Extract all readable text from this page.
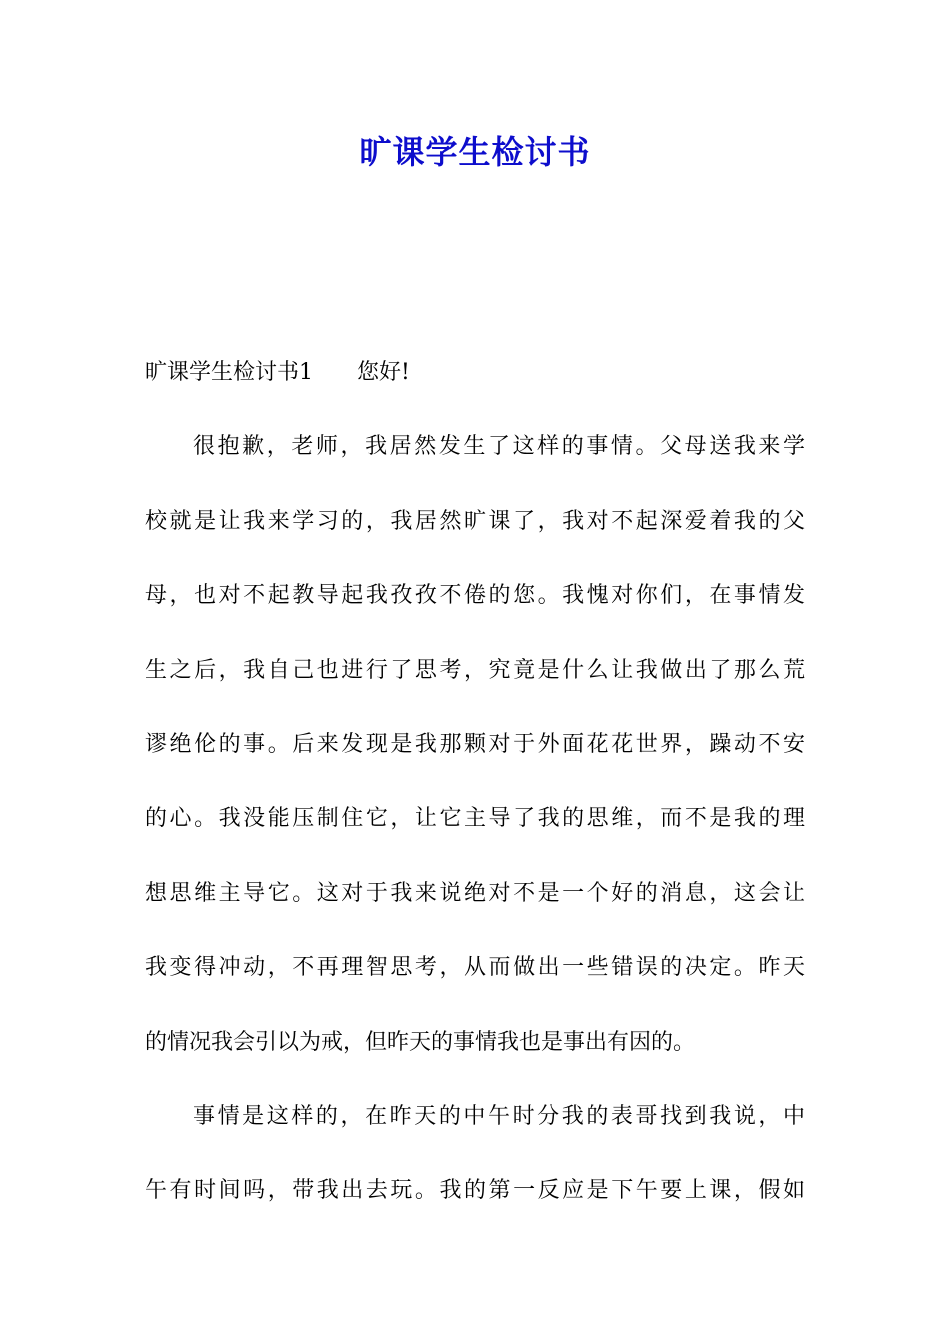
旷课学生检讨书
旷课学生检讨书1 您好!
很抱歉，老师，我居然发生了这样的事情。父母送我来学
校就是让我来学习的，我居然旷课了，我对不起深爱着我的父
母，也对不起教导起我孜孜不倦的您。我愧对你们，在事情发
生之后，我自己也进行了思考，究竟是什么让我做出了那么荒
谬绝伦的事。后来发现是我那颗对于外面花花世界，躁动不安
的心。我没能压制住它，让它主导了我的思维，而不是我的理
想思维主导它。这对于我来说绝对不是一个好的消息，这会让
我变得冲动，不再理智思考，从而做出一些错误的决定。昨天
的情况我会引以为戒，但昨天的事情我也是事出有因的。
事情是这样的，在昨天的中午时分我的表哥找到我说，中
午有时间吗，带我出去玩。我的第一反应是下午要上课，假如
